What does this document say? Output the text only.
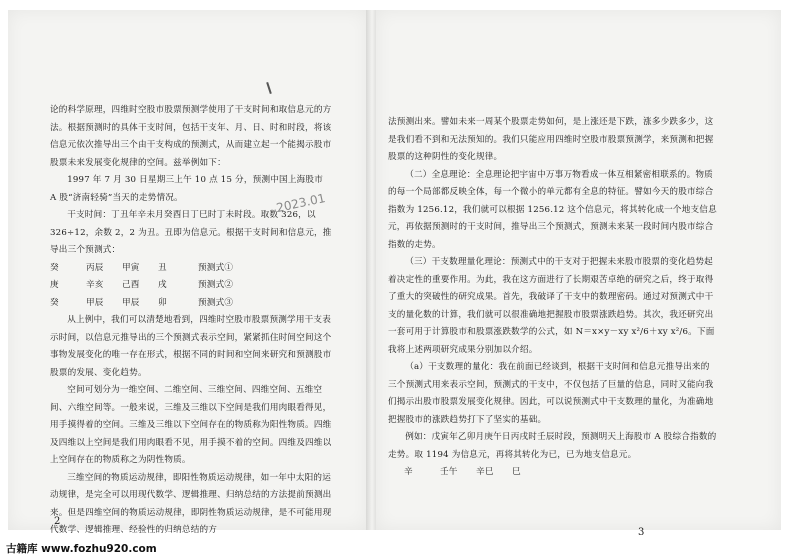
论的科学原理，四维时空股市股票预测学使用了干支时间和取信息元的方法。根据预测时的具体干支时间，包括干支年、月、日、时和时段，将该信息元依次推导出三个由干支构成的预测式，从而建立起一个能揭示股市股票未来发展变化规律的空间。兹举例如下：

1997 年 7 月 30 日星期三上午 10 点 15 分，预测中国上海股市 A 股“济南轻骑”当天的走势情况。

干支时间：丁丑年辛未月癸酉日丁巳时丁未时段。取数 326，以 326÷12，余数 2，2 为丑。丑即为信息元。根据干支时间和信息元，推导出三个预测式：

癸	丙辰	甲寅	丑	预测式①
庚	辛亥	己酉	戌	预测式②
癸	甲辰	甲辰	卯	预测式③

从上例中，我们可以清楚地看到，四维时空股市股票预测学用干支表示时间，以信息元推导出的三个预测式表示空间，紧紧抓住时间空间这个事物发展变化的唯一存在形式，根据不同的时间和空间来研究和预测股市股票的发展、变化趋势。

空间可划分为一维空间、二维空间、三维空间、四维空间、五维空间、六维空间等。一般来说，三维及三维以下空间是我们用肉眼看得见，用手摸得着的空间。三维及三维以下空间存在的物质称为阳性物质。四维及四维以上空间是我们用肉眼看不见，用手摸不着的空间。四维及四维以上空间存在的物质称之为阴性物质。

三维空间的物质运动规律，即阳性物质运动规律，如一年中太阳的运动规律，是完全可以用现代数学、逻辑推理、归纳总结的方法提前预测出来。但是四维空间的物质运动规律，即阴性物质运动规律，是不可能用现代数学、逻辑推理、经验性的归纳总结的方

2023.01
2

法预测出来。譬如未来一周某个股票走势如何，是上涨还是下跌，涨多少跌多少，这是我们看不到和无法预知的。我们只能应用四维时空股市股票预测学，来预测和把握股票的这种阴性的变化规律。

（二）全息理论：全息理论把宇宙中万事万物看成一体互相紧密相联系的。物质的每一个局部都反映全体，每一个微小的单元都有全息的特征。譬如今天的股市综合指数为 1256.12，我们就可以根据 1256.12 这个信息元，将其转化成一个地支信息元，再依据预测时的干支时间，推导出三个预测式，预测未来某一段时间内股市综合指数的走势。

（三）干支数理量化理论：预测式中的干支对于把握未来股市股票的变化趋势起着决定性的重要作用。为此，我在这方面进行了长期艰苦卓绝的研究之后，终于取得了重大的突破性的研究成果。首先，我破译了干支中的数理密码。通过对预测式中干支的量化数的计算，我们就可以很准确地把握股市股票涨跌趋势。其次，我还研究出一套可用于计算股市和股票涨跌数学的公式，如 N＝x×y－xy x²/6＋xy x²/6。下面我将上述两项研究成果分别加以介绍。

（a）干支数理的量化：我在前面已经谈到，根据干支时间和信息元推导出来的三个预测式用来表示空间，预测式的干支中，不仅包括了巨量的信息，同时又能向我们揭示出股市股票发展变化规律。因此，可以说预测式中干支数理的量化，为准确地把握股市的涨跌趋势打下了坚实的基础。

例如：戊寅年乙卯月庚午日丙戌时壬辰时段，预测明天上海股市 A 股综合指数的走势。取 1194 为信息元，再将其转化为已，已为地支信息元。

辛	壬午	辛巳	巳
3
古籍库 www.fozhu920.com
